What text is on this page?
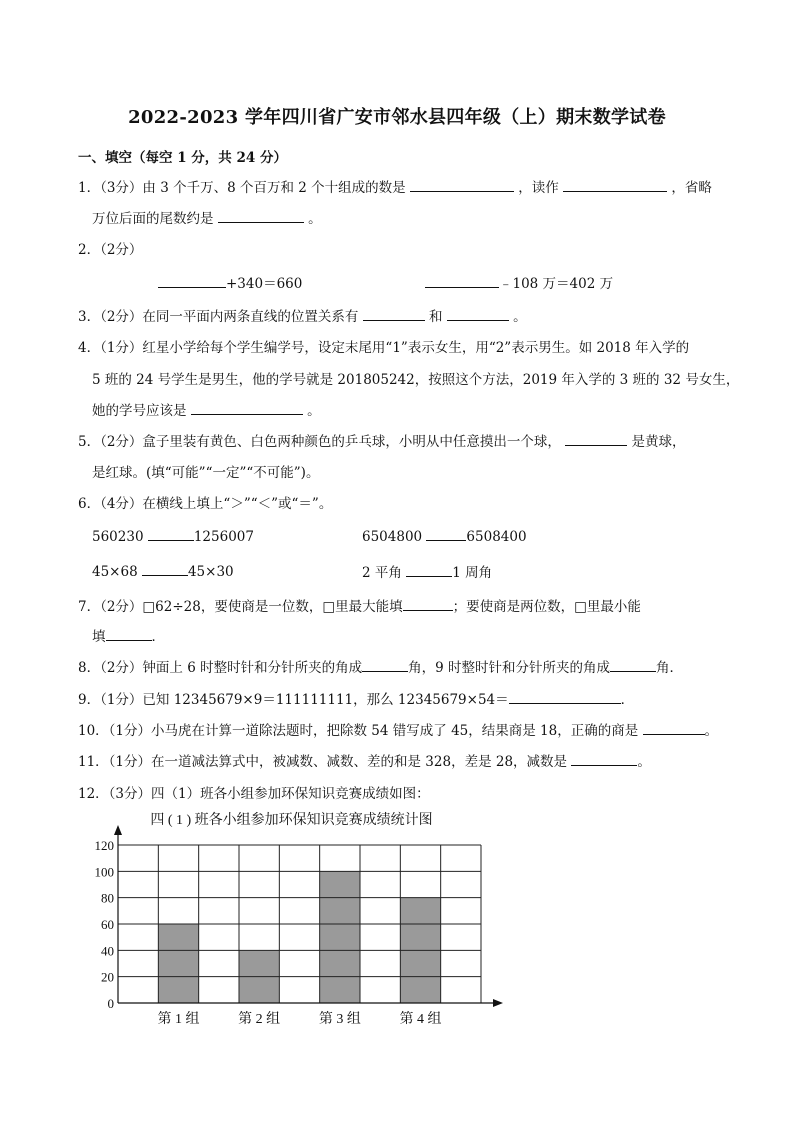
2022-2023 学年四川省广安市邻水县四年级（上）期末数学试卷
一、填空（每空 1 分，共 24 分）
1．（3分）由 3 个千万、8 个百万和 2 个十组成的数是	，读作	，省略
万位后面的尾数约是	。
2．（2分）
+340＝660	﹣108 万＝402 万
3．（2分）在同一平面内两条直线的位置关系有	和	。
4．（1分）红星小学给每个学生编学号，设定末尾用“1”表示女生，用“2”表示男生。如 2018 年入学的
5 班的 24 号学生是男生，他的学号就是 201805242，按照这个方法，2019 年入学的 3 班的 32 号女生，
她的学号应该是	。
5．（2分）盒子里装有黄色、白色两种颜色的乒乓球，小明从中任意摸出一个球，	是黄球，
是红球。(填“可能”“一定”“不可能”)。
6．（4分）在横线上填上“＞”“＜”或“＝”。
560230	1256007	6504800	6508400
45×68	45×30	2 平角	1 周角
7．（2分）□62÷28，要使商是一位数，□里最大能填	；要使商是两位数，□里最小能
填	．
8．（2分）钟面上 6 时整时针和分针所夹的角成	角，9 时整时针和分针所夹的角成	角．
9．（1分）已知 12345679×9＝111111111，那么 12345679×54＝	．
10．（1分）小马虎在计算一道除法题时，把除数 54 错写成了 45，结果商是 18，正确的商是	。
11．（1分）在一道减法算式中，被减数、减数、差的和是 328，差是 28，减数是	。
12．（3分）四（1）班各小组参加环保知识竞赛成绩如图：
四 ( 1 ) 班各小组参加环保知识竞赛成绩统计图
0
20
40
60
80
100
120
第 1 组	第 2 组	第 3 组	第 4 组
